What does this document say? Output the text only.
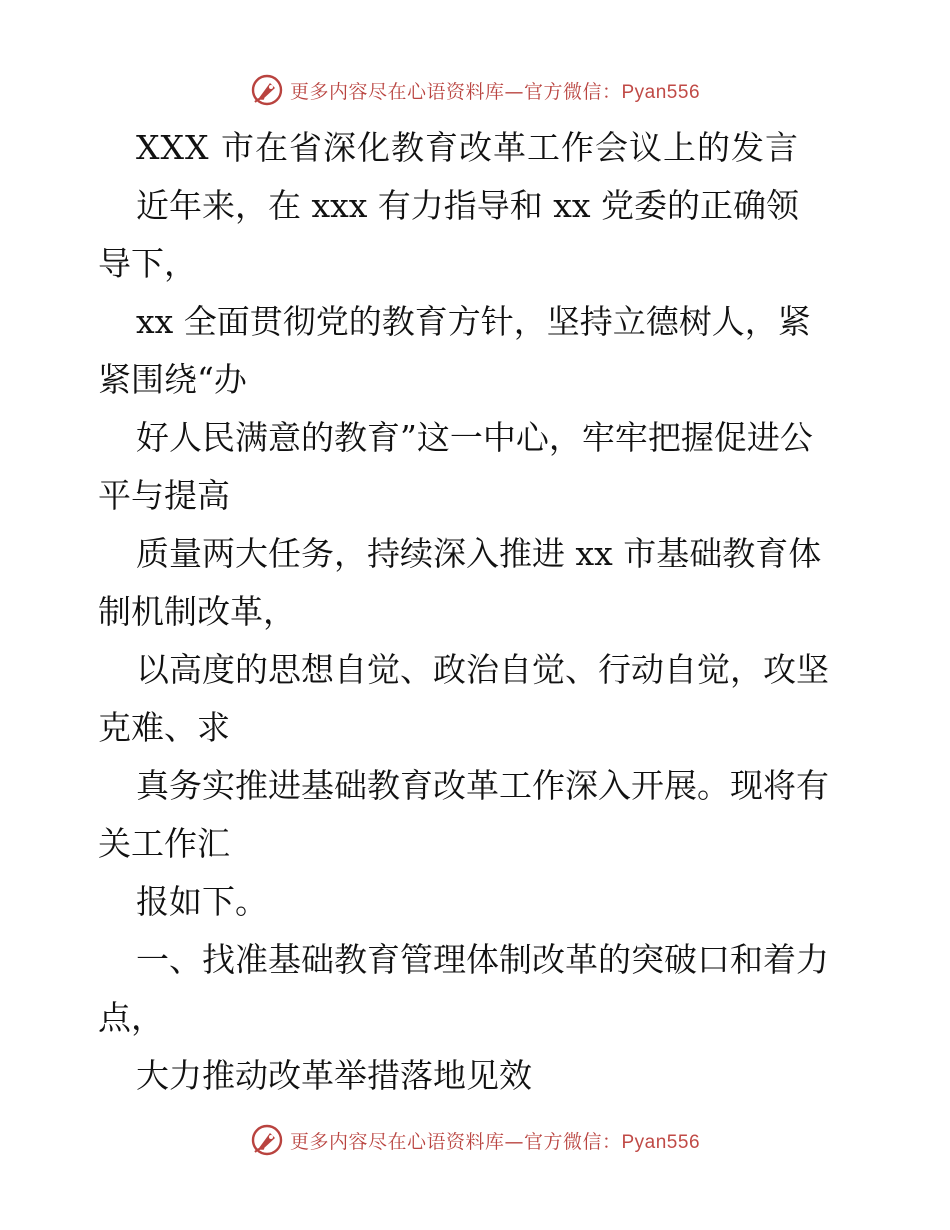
更多内容尽在心语资料库—官方微信：Pyan556
XXX 市在省深化教育改革工作会议上的发言
近年来，在 xxx 有力指导和 xx 党委的正确领
导下，
xx 全面贯彻党的教育方针，坚持立德树人，紧
紧围绕“办
好人民满意的教育”这一中心，牢牢把握促进公
平与提高
质量两大任务，持续深入推进 xx 市基础教育体
制机制改革，
以高度的思想自觉、政治自觉、行动自觉，攻坚
克难、求
真务实推进基础教育改革工作深入开展。现将有
关工作汇
报如下。
一、找准基础教育管理体制改革的突破口和着力
点，
大力推动改革举措落地见效
更多内容尽在心语资料库—官方微信：Pyan556
